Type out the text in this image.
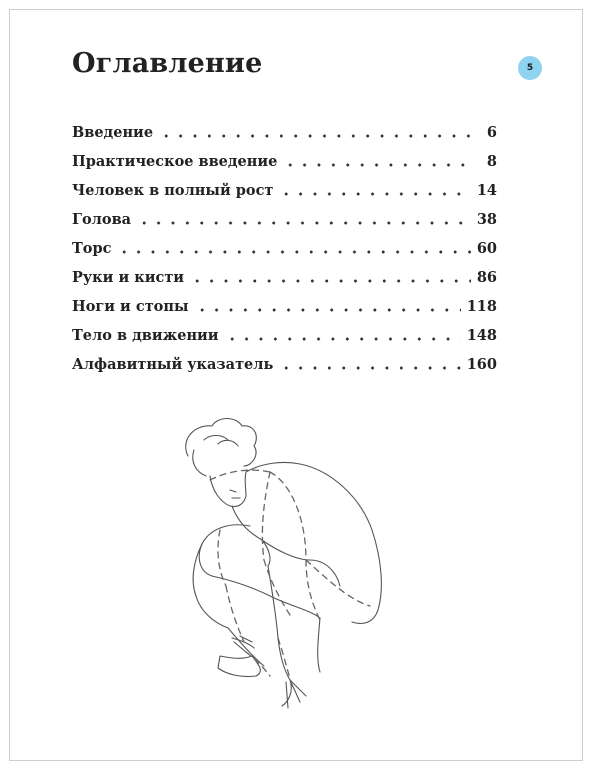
Оглавление	5
Введение	6
Практическое введение	8
Человек в полный рост	14
Голова	38
Торс	60
Руки и кисти	86
Ноги и стопы	118
Тело в движении	148
Алфавитный указатель	160
